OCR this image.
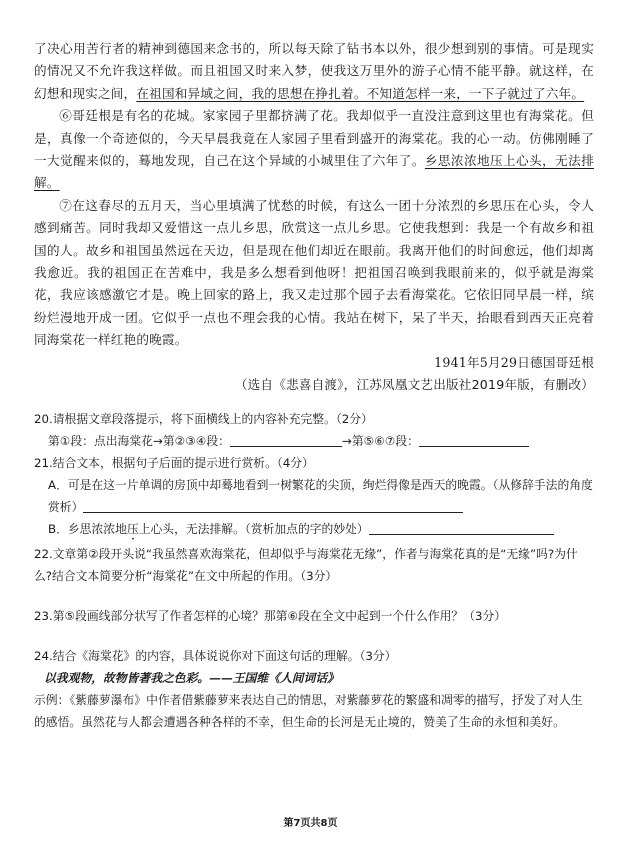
了决心用苦行者的精神到德国来念书的，所以每天除了钻书本以外，很少想到别的事情。可是现实的情况又不允许我这样做。而且祖国又时来入梦，使我这万里外的游子心情不能平静。就这样，在幻想和现实之间，在祖国和异域之间，我的思想在挣扎着。不知道怎样一来，一下子就过了六年。

⑥哥廷根是有名的花城。家家园子里都挤满了花。我却似乎一直没注意到这里也有海棠花。但是，真像一个奇迹似的，今天早晨我竟在人家园子里看到盛开的海棠花。我的心一动。仿佛刚睡了一大觉醒来似的，蓦地发现，自己在这个异域的小城里住了六年了。乡思浓浓地压上心头，无法排解。

⑦在这春尽的五月天，当心里填满了忧愁的时候，有这么一团十分浓烈的乡思压在心头，令人感到痛苦。同时我却又爱惜这一点儿乡思，欣赏这一点儿乡思。它使我想到：我是一个有故乡和祖国的人。故乡和祖国虽然远在天边，但是现在他们却近在眼前。我离开他们的时间愈远，他们却离我愈近。我的祖国正在苦难中，我是多么想看到他呀！把祖国召唤到我眼前来的，似乎就是海棠花，我应该感激它才是。晚上回家的路上，我又走过那个园子去看海棠花。它依旧同早晨一样，缤纷烂漫地开成一团。它似乎一点也不理会我的心情。我站在树下，呆了半天，抬眼看到西天正亮着同海棠花一样红艳的晚霞。

1941年5月29日德国哥廷根

（选自《悲喜自渡》，江苏凤凰文艺出版社2019年版，有删改）

20.请根据文章段落提示，将下面横线上的内容补充完整。（2分）

第①段：点出海棠花→第②③④段：	→第⑤⑥⑦段：

21.结合文本，根据句子后面的提示进行赏析。（4分）

A．可是在这一片单调的房顶中却蓦地看到一树繁花的尖顶，绚烂得像是西天的晚霞。（从修辞手法的角度赏析）

B．乡思浓浓地压上心头，无法排解。（赏析加点的字的妙处）

22.文章第②段开头说“我虽然喜欢海棠花，但却似乎与海棠花无缘”，作者与海棠花真的是“无缘”吗?为什么?结合文本简要分析“海棠花”在文中所起的作用。（3分）

23.第⑤段画线部分状写了作者怎样的心境？那第⑥段在全文中起到一个什么作用？（3分）

24.结合《海棠花》的内容，具体说说你对下面这句话的理解。（3分）

以我观物，故物皆著我之色彩。——王国维《人间词话》

示例：《紫藤萝瀑布》中作者借紫藤萝来表达自己的情思，对紫藤萝花的繁盛和凋零的描写，抒发了对人生的感悟。虽然花与人都会遭遇各种各样的不幸，但生命的长河是无止境的，赞美了生命的永恒和美好。

第7页共8页
